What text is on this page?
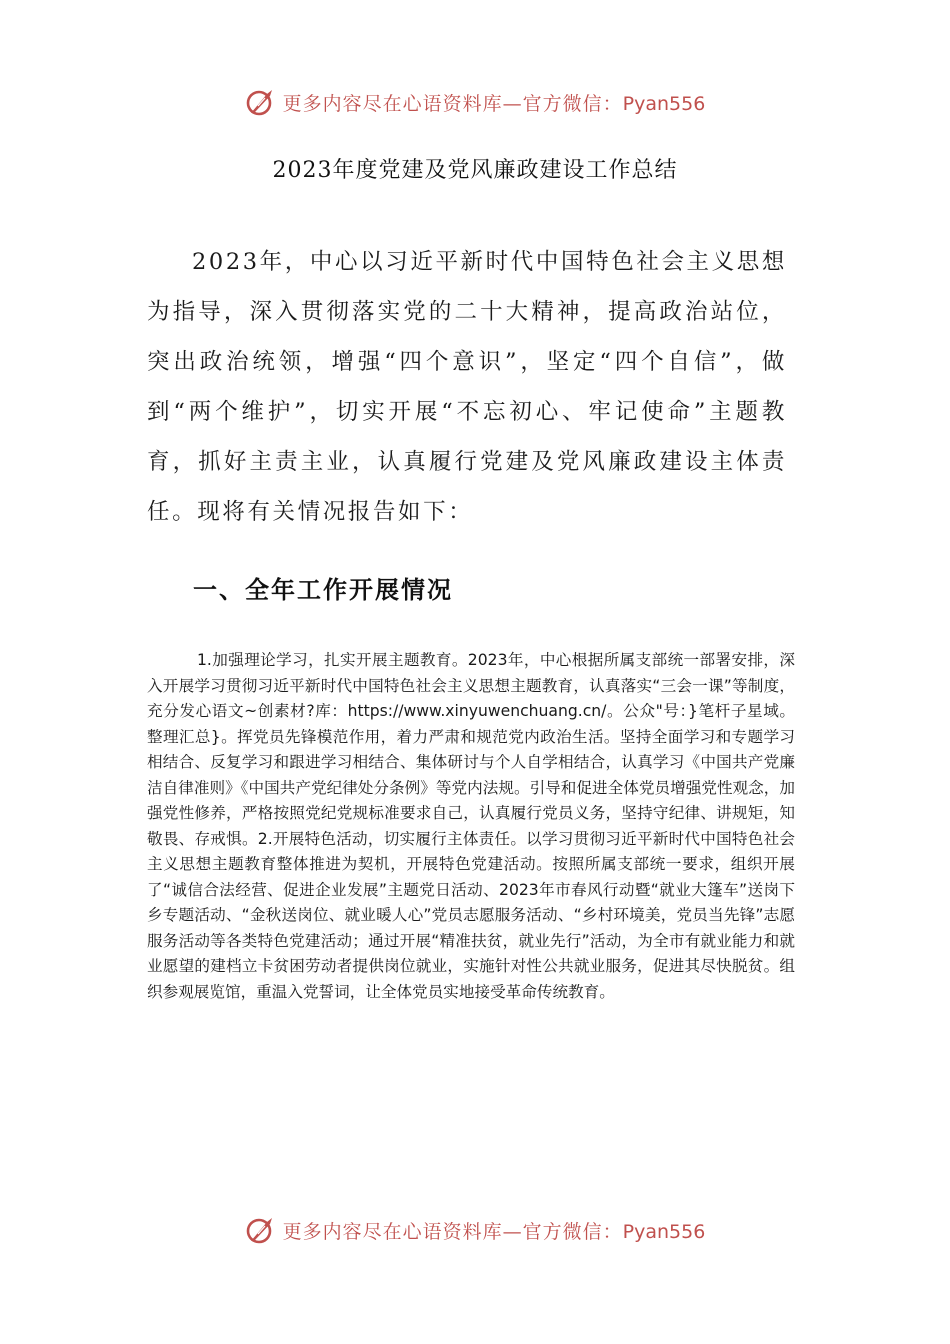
更多内容尽在心语资料库—官方微信：Pyan556
2023年度党建及党风廉政建设工作总结

2023年，中心以习近平新时代中国特色社会主义思想为指导，深入贯彻落实党的二十大精神，提高政治站位，突出政治统领，增强“四个意识”，坚定“四个自信”，做到“两个维护”，切实开展“不忘初心、牢记使命”主题教育，抓好主责主业，认真履行党建及党风廉政建设主体责任。现将有关情况报告如下：

一、全年工作开展情况

1.加强理论学习，扎实开展主题教育。2023年，中心根据所属支部统一部署安排，深入开展学习贯彻习近平新时代中国特色社会主义思想主题教育，认真落实“三会一课”等制度，充分发心语文~创素材?库：https://www.xinyuwenchuang.cn/。公众"号：}笔杆子星域。整理汇总}。挥党员先锋模范作用，着力严肃和规范党内政治生活。坚持全面学习和专题学习相结合、反复学习和跟进学习相结合、集体研讨与个人自学相结合，认真学习《中国共产党廉洁自律准则》《中国共产党纪律处分条例》等党内法规。引导和促进全体党员增强党性观念，加强党性修养，严格按照党纪党规标准要求自己，认真履行党员义务，坚持守纪律、讲规矩，知敬畏、存戒惧。2.开展特色活动，切实履行主体责任。以学习贯彻习近平新时代中国特色社会主义思想主题教育整体推进为契机，开展特色党建活动。按照所属支部统一要求，组织开展了“诚信合法经营、促进企业发展”主题党日活动、2023年市春风行动暨“就业大篷车”送岗下乡专题活动、“金秋送岗位、就业暖人心”党员志愿服务活动、“乡村环境美，党员当先锋”志愿服务活动等各类特色党建活动；通过开展“精准扶贫，就业先行”活动，为全市有就业能力和就业愿望的建档立卡贫困劳动者提供岗位就业，实施针对性公共就业服务，促进其尽快脱贫。组织参观展览馆，重温入党誓词，让全体党员实地接受革命传统教育。

更多内容尽在心语资料库—官方微信：Pyan556
